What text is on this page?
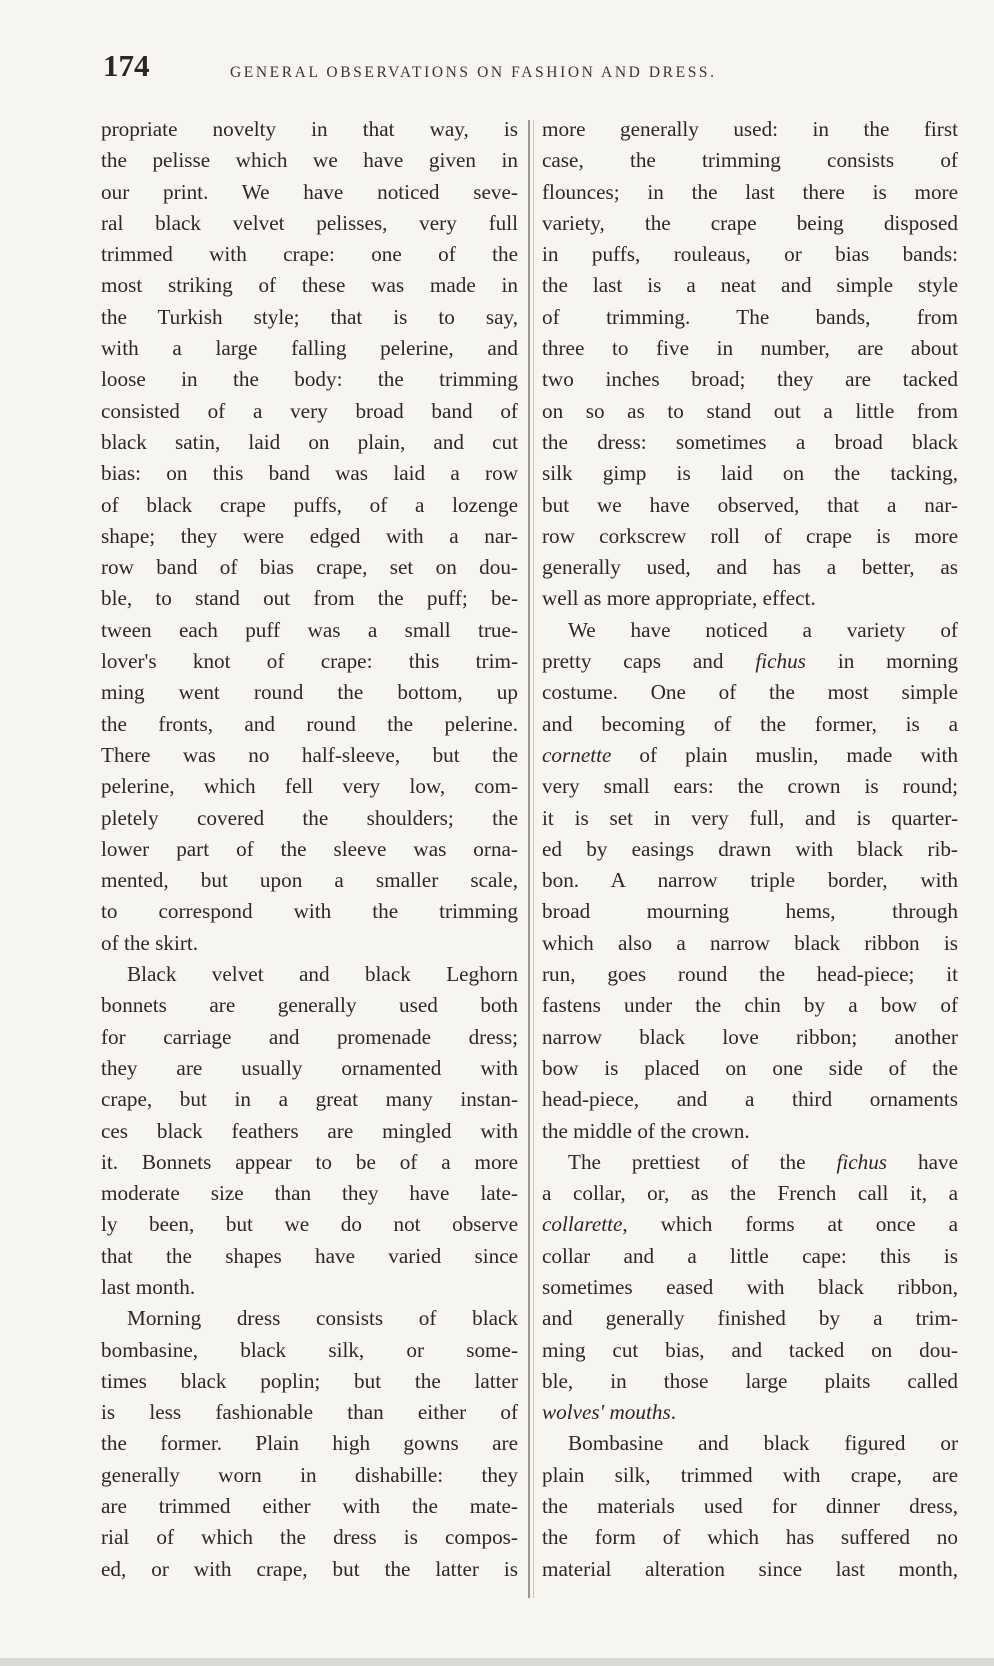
174	GENERAL OBSERVATIONS ON FASHION AND DRESS.
propriate novelty in that way, is
the pelisse which we have given in
our print. We have noticed seve-
ral black velvet pelisses, very full
trimmed with crape: one of the
most striking of these was made in
the Turkish style; that is to say,
with a large falling pelerine, and
loose in the body: the trimming
consisted of a very broad band of
black satin, laid on plain, and cut
bias: on this band was laid a row
of black crape puffs, of a lozenge
shape; they were edged with a nar-
row band of bias crape, set on dou-
ble, to stand out from the puff; be-
tween each puff was a small true-
lover's knot of crape: this trim-
ming went round the bottom, up
the fronts, and round the pelerine.
There was no half-sleeve, but the
pelerine, which fell very low, com-
pletely covered the shoulders; the
lower part of the sleeve was orna-
mented, but upon a smaller scale,
to correspond with the trimming
of the skirt.
Black velvet and black Leghorn
bonnets are generally used both
for carriage and promenade dress;
they are usually ornamented with
crape, but in a great many instan-
ces black feathers are mingled with
it. Bonnets appear to be of a more
moderate size than they have late-
ly been, but we do not observe
that the shapes have varied since
last month.
Morning dress consists of black
bombasine, black silk, or some-
times black poplin; but the latter
is less fashionable than either of
the former. Plain high gowns are
generally worn in dishabille: they
are trimmed either with the mate-
rial of which the dress is compos-
ed, or with crape, but the latter is
more generally used: in the first
case, the trimming consists of
flounces; in the last there is more
variety, the crape being disposed
in puffs, rouleaus, or bias bands:
the last is a neat and simple style
of trimming. The bands, from
three to five in number, are about
two inches broad; they are tacked
on so as to stand out a little from
the dress: sometimes a broad black
silk gimp is laid on the tacking,
but we have observed, that a nar-
row corkscrew roll of crape is more
generally used, and has a better, as
well as more appropriate, effect.
We have noticed a variety of
pretty caps and fichus in morning
costume. One of the most simple
and becoming of the former, is a
cornette of plain muslin, made with
very small ears: the crown is round;
it is set in very full, and is quarter-
ed by easings drawn with black rib-
bon. A narrow triple border, with
broad mourning hems, through
which also a narrow black ribbon is
run, goes round the head-piece; it
fastens under the chin by a bow of
narrow black love ribbon; another
bow is placed on one side of the
head-piece, and a third ornaments
the middle of the crown.
The prettiest of the fichus have
a collar, or, as the French call it, a
collarette, which forms at once a
collar and a little cape: this is
sometimes eased with black ribbon,
and generally finished by a trim-
ming cut bias, and tacked on dou-
ble, in those large plaits called
wolves' mouths.
Bombasine and black figured or
plain silk, trimmed with crape, are
the materials used for dinner dress,
the form of which has suffered no
material alteration since last month,
